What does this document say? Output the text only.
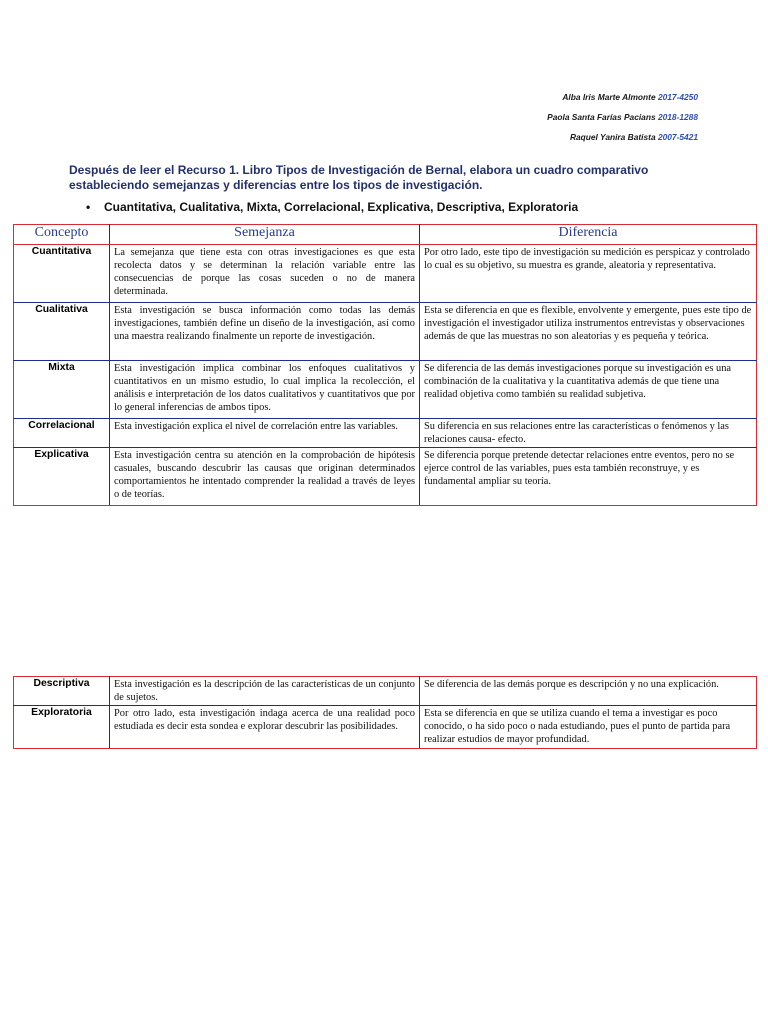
Alba Iris Marte Almonte 2017-4250
Paola Santa Farías Pacians 2018-1288
Raquel Yanira Batista 2007-5421
Después de leer el Recurso 1. Libro Tipos de Investigación de Bernal, elabora un cuadro comparativo estableciendo semejanzas y diferencias entre los tipos de investigación.
• Cuantitativa, Cualitativa, Mixta, Correlacional, Explicativa, Descriptiva, Exploratoria
Concepto	Semejanza	Diferencia
Cuantitativa	La semejanza que tiene esta con otras investigaciones es que esta recolecta datos y se determinan la relación variable entre las consecuencias de porque las cosas suceden o no de manera determinada.	Por otro lado, este tipo de investigación su medición es perspicaz y controlado lo cual es su objetivo, su muestra es grande, aleatoria y representativa.
Cualitativa	Esta investigación se busca información como todas las demás investigaciones, también define un diseño de la investigación, así como una maestra realizando finalmente un reporte de investigación.	Esta se diferencia en que es flexible, envolvente y emergente, pues este tipo de investigación el investigador utiliza instrumentos entrevistas y observaciones además de que las muestras no son aleatorias y es pequeña y teórica.
Mixta	Esta investigación implica combinar los enfoques cualitativos y cuantitativos en un mismo estudio, lo cual implica la recolección, el análisis e interpretación de los datos cualitativos y cuantitativos que por lo general inferencias de ambos tipos.	Se diferencia de las demás investigaciones porque su investigación es una combinación de la cualitativa y la cuantitativa además de que tiene una realidad objetiva como también su realidad subjetiva.
Correlacional	Esta investigación explica el nivel de correlación entre las variables.	Su diferencia en sus relaciones entre las características o fenómenos y las relaciones causa- efecto.
Explicativa	Esta investigación centra su atención en la comprobación de hipótesis casuales, buscando descubrir las causas que originan determinados comportamientos he intentado comprender la realidad a través de leyes o de teorías.	Se diferencia porque pretende detectar relaciones entre eventos, pero no se ejerce control de las variables, pues esta también reconstruye, y es fundamental ampliar su teoría.
Descriptiva	Esta investigación es la descripción de las características de un conjunto de sujetos.	Se diferencia de las demás porque es descripción y no una explicación.
Exploratoria	Por otro lado, esta investigación indaga acerca de una realidad poco estudiada es decir esta sondea e explorar descubrir las posibilidades.	Esta se diferencia en que se utiliza cuando el tema a investigar es poco conocido, o ha sido poco o nada estudiando, pues el punto de partida para realizar estudios de mayor profundidad.
